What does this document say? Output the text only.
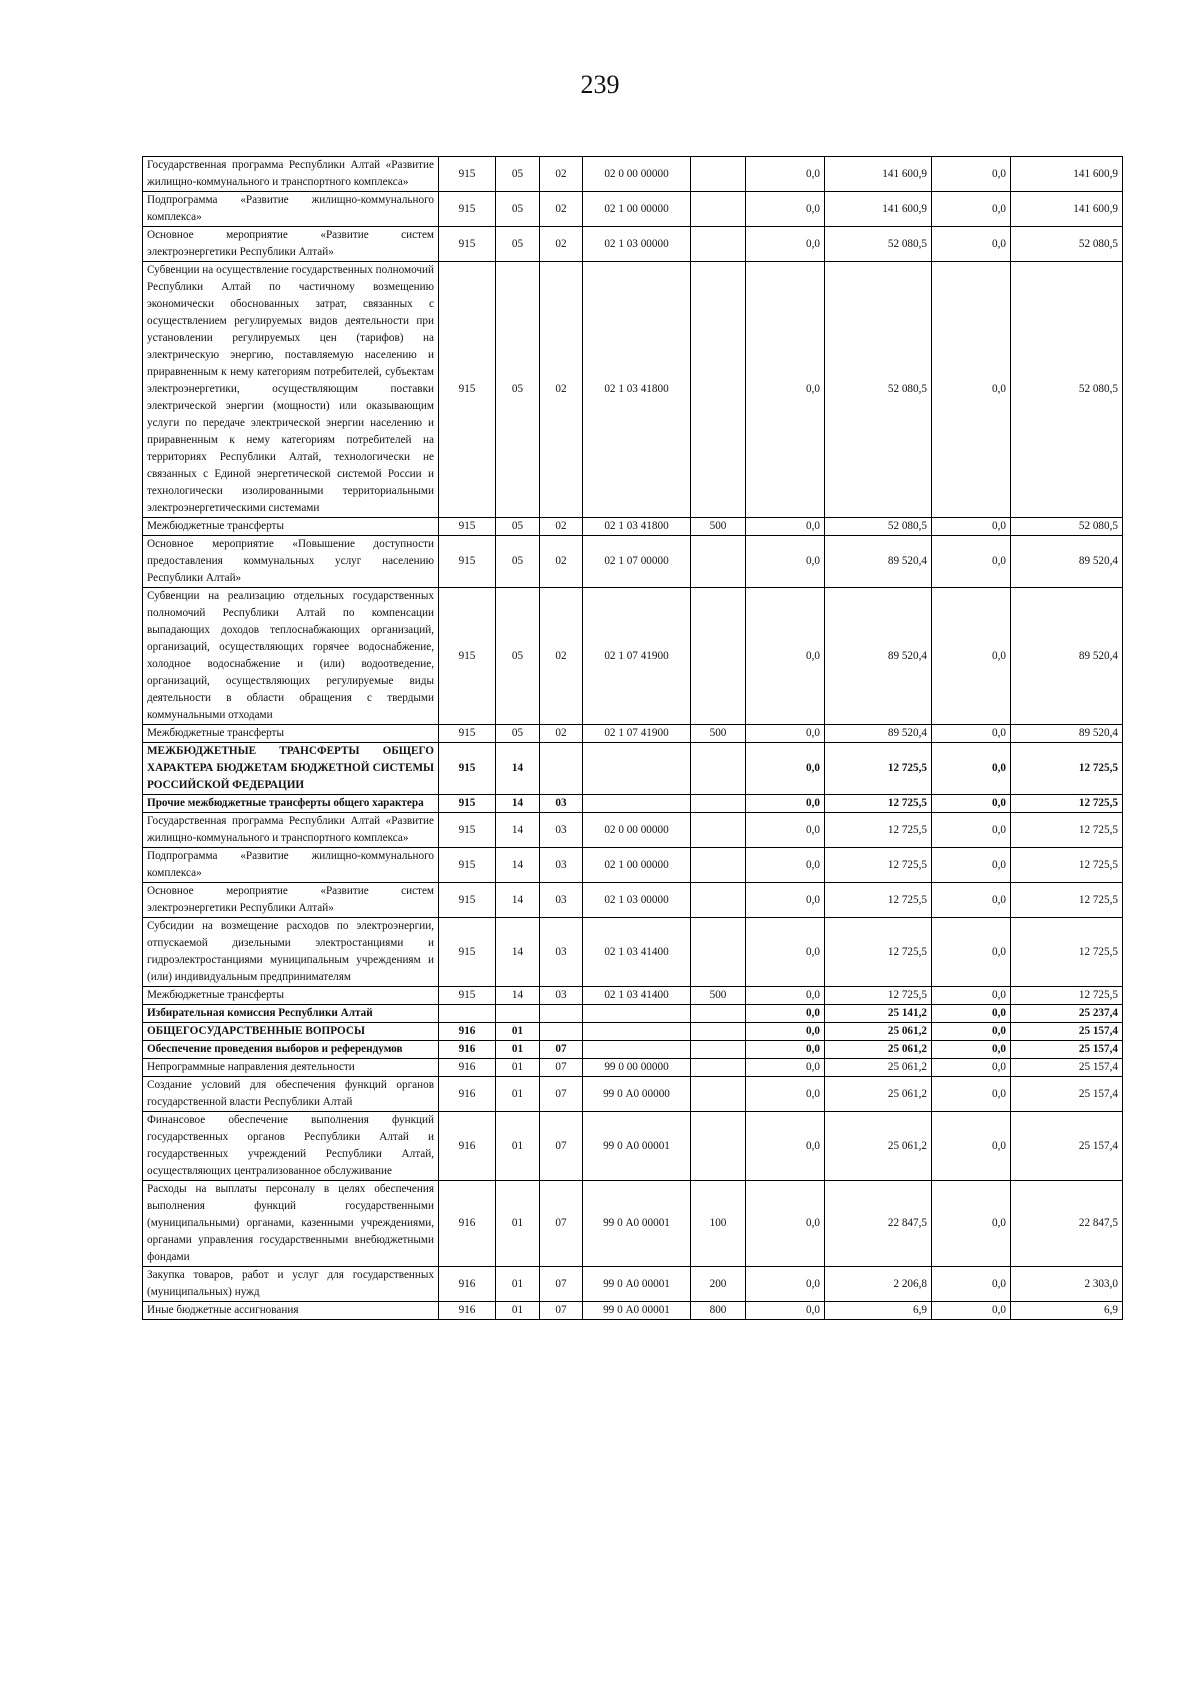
239
Государственная программа Республики Алтай «Развитие жилищно-коммунального и транспортного комплекса»	915	05	02	02 0 00 00000		0,0	141 600,9	0,0	141 600,9
Подпрограмма «Развитие жилищно-коммунального комплекса»	915	05	02	02 1 00 00000		0,0	141 600,9	0,0	141 600,9
Основное мероприятие «Развитие систем электроэнергетики Республики Алтай»	915	05	02	02 1 03 00000		0,0	52 080,5	0,0	52 080,5
Субвенции на осуществление государственных полномочий Республики Алтай по частичному возмещению экономически обоснованных затрат, связанных с осуществлением регулируемых видов деятельности при установлении регулируемых цен (тарифов) на электрическую энергию, поставляемую населению и приравненным к нему категориям потребителей, субъектам электроэнергетики, осуществляющим поставки электрической энергии (мощности) или оказывающим услуги по передаче электрической энергии населению и приравненным к нему категориям потребителей на территориях Республики Алтай, технологически не связанных с Единой энергетической системой России и технологически изолированными территориальными электроэнергетическими системами	915	05	02	02 1 03 41800		0,0	52 080,5	0,0	52 080,5
Межбюджетные трансферты	915	05	02	02 1 03 41800	500	0,0	52 080,5	0,0	52 080,5
Основное мероприятие «Повышение доступности предоставления коммунальных услуг населению Республики Алтай»	915	05	02	02 1 07 00000		0,0	89 520,4	0,0	89 520,4
Субвенции на реализацию отдельных государственных полномочий Республики Алтай по компенсации выпадающих доходов теплоснабжающих организаций, организаций, осуществляющих горячее водоснабжение, холодное водоснабжение и (или) водоотведение, организаций, осуществляющих регулируемые виды деятельности в области обращения с твердыми коммунальными отходами	915	05	02	02 1 07 41900		0,0	89 520,4	0,0	89 520,4
Межбюджетные трансферты	915	05	02	02 1 07 41900	500	0,0	89 520,4	0,0	89 520,4
МЕЖБЮДЖЕТНЫЕ ТРАНСФЕРТЫ ОБЩЕГО ХАРАКТЕРА БЮДЖЕТАМ БЮДЖЕТНОЙ СИСТЕМЫ РОССИЙСКОЙ ФЕДЕРАЦИИ	915	14				0,0	12 725,5	0,0	12 725,5
Прочие межбюджетные трансферты общего характера	915	14	03			0,0	12 725,5	0,0	12 725,5
Государственная программа Республики Алтай «Развитие жилищно-коммунального и транспортного комплекса»	915	14	03	02 0 00 00000		0,0	12 725,5	0,0	12 725,5
Подпрограмма «Развитие жилищно-коммунального комплекса»	915	14	03	02 1 00 00000		0,0	12 725,5	0,0	12 725,5
Основное мероприятие «Развитие систем электроэнергетики Республики Алтай»	915	14	03	02 1 03 00000		0,0	12 725,5	0,0	12 725,5
Субсидии на возмещение расходов по электроэнергии, отпускаемой дизельными электростанциями и гидроэлектростанциями муниципальным учреждениям и (или) индивидуальным предпринимателям	915	14	03	02 1 03 41400		0,0	12 725,5	0,0	12 725,5
Межбюджетные трансферты	915	14	03	02 1 03 41400	500	0,0	12 725,5	0,0	12 725,5
Избирательная комиссия Республики Алтай						0,0	25 141,2	0,0	25 237,4
ОБЩЕГОСУДАРСТВЕННЫЕ ВОПРОСЫ	916	01				0,0	25 061,2	0,0	25 157,4
Обеспечение проведения выборов и референдумов	916	01	07			0,0	25 061,2	0,0	25 157,4
Непрограммные направления деятельности	916	01	07	99 0 00 00000		0,0	25 061,2	0,0	25 157,4
Создание условий для обеспечения функций органов государственной власти Республики Алтай	916	01	07	99 0 А0 00000		0,0	25 061,2	0,0	25 157,4
Финансовое обеспечение выполнения функций государственных органов Республики Алтай и государственных учреждений Республики Алтай, осуществляющих централизованное обслуживание	916	01	07	99 0 А0 00001		0,0	25 061,2	0,0	25 157,4
Расходы на выплаты персоналу в целях обеспечения выполнения функций государственными (муниципальными) органами, казенными учреждениями, органами управления государственными внебюджетными фондами	916	01	07	99 0 А0 00001	100	0,0	22 847,5	0,0	22 847,5
Закупка товаров, работ и услуг для государственных (муниципальных) нужд	916	01	07	99 0 А0 00001	200	0,0	2 206,8	0,0	2 303,0
Иные бюджетные ассигнования	916	01	07	99 0 А0 00001	800	0,0	6,9	0,0	6,9
